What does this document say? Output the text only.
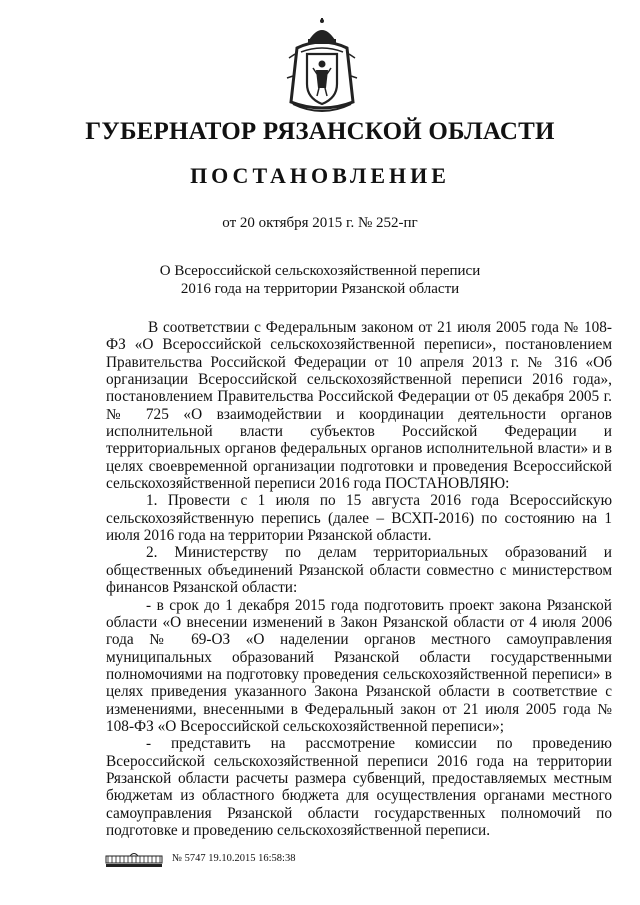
ГУБЕРНАТОР РЯЗАНСКОЙ ОБЛАСТИ
ПОСТАНОВЛЕНИЕ
от 20 октября 2015 г. № 252-пг
О Всероссийской сельскохозяйственной переписи
2016 года на территории Рязанской области

В соответствии с Федеральным законом от 21 июля 2005 года № 108-ФЗ «О Всероссийской сельскохозяйственной переписи», постановлением Правительства Российской Федерации от 10 апреля 2013 г. № 316 «Об организации Всероссийской сельскохозяйственной переписи 2016 года», постановлением Правительства Российской Федерации от 05 декабря 2005 г. № 725 «О взаимодействии и координации деятельности органов исполнительной власти субъектов Российской Федерации и территориальных органов федеральных органов исполнительной власти» и в целях своевременной организации подготовки и проведения Всероссийской сельскохозяйственной переписи 2016 года ПОСТАНОВЛЯЮ:

1. Провести с 1 июля по 15 августа 2016 года Всероссийскую сельскохозяйственную перепись (далее – ВСХП-2016) по состоянию на 1 июля 2016 года на территории Рязанской области.

2. Министерству по делам территориальных образований и общественных объединений Рязанской области совместно с министерством финансов Рязанской области:

- в срок до 1 декабря 2015 года подготовить проект закона Рязанской области «О внесении изменений в Закон Рязанской области от 4 июля 2006 года № 69-ОЗ «О наделении органов местного самоуправления муниципальных образований Рязанской области государственными полномочиями на подготовку проведения сельскохозяйственной переписи» в целях приведения указанного Закона Рязанской области в соответствие с изменениями, внесенными в Федеральный закон от 21 июля 2005 года № 108-ФЗ «О Всероссийской сельскохозяйственной переписи»;

- представить на рассмотрение комиссии по проведению Всероссийской сельскохозяйственной переписи 2016 года на территории Рязанской области расчеты размера субвенций, предоставляемых местным бюджетам из областного бюджета для осуществления органами местного самоуправления Рязанской области государственных полномочий по подготовке и проведению сельскохозяйственной переписи.

№ 5747 19.10.2015 16:58:38
